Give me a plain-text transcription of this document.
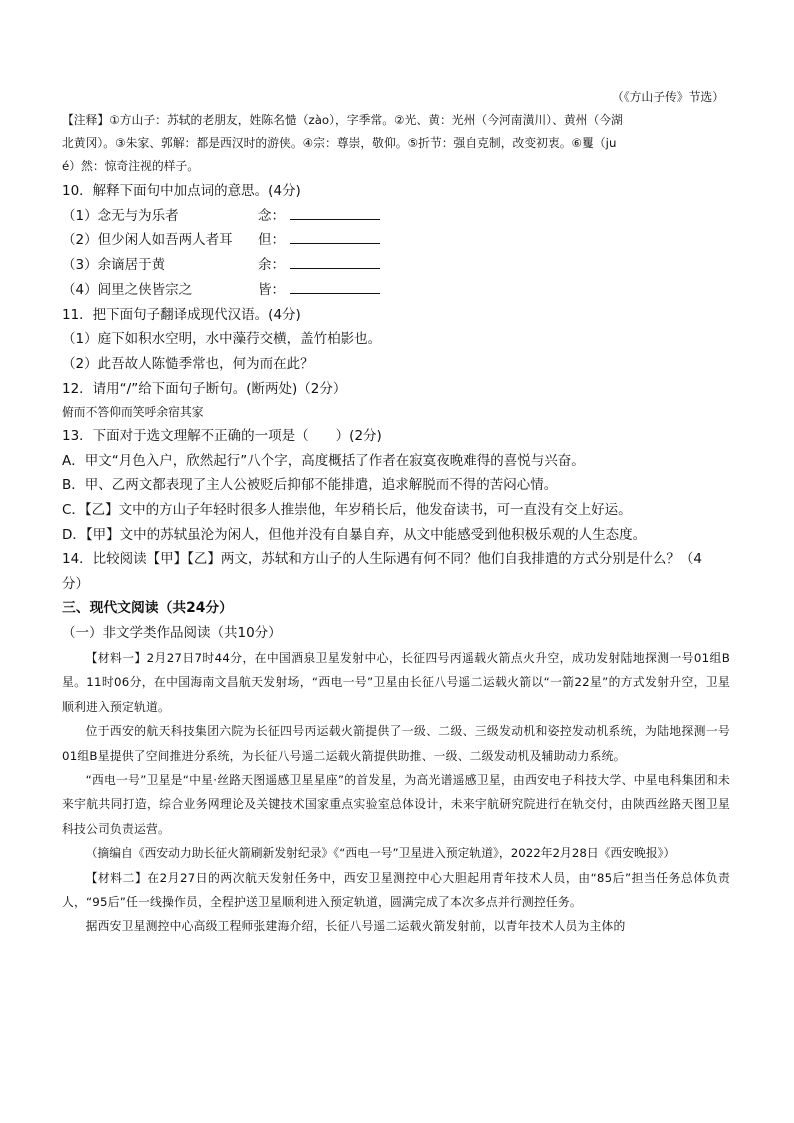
（《方山子传》节选）
【注释】①方山子：苏轼的老朋友，姓陈名慥（zào），字季常。②光、黄：光州（今河南潢川）、黄州（今湖
北黄冈）。③朱家、郭解：都是西汉时的游侠。④宗：尊崇，敬仰。⑤折节：强自克制，改变初衷。⑥矍（ju
é）然：惊奇注视的样子。
10．解释下面句中加点词的意思。(4分)
（1）念无与为乐者	念：
（2）但少闲人如吾两人者耳	但：
（3）余谪居于黄	余：
（4）闾里之侠皆宗之	皆：
11．把下面句子翻译成现代汉语。(4分)
（1）庭下如积水空明，水中藻荇交横，盖竹柏影也。
（2）此吾故人陈慥季常也，何为而在此？
12．请用“/”给下面句子断句。(断两处)（2分）
俯而不答仰而笑呼余宿其家
13．下面对于选文理解不正确的一项是（　　）(2分)
A．甲文“月色入户，欣然起行”八个字，高度概括了作者在寂寞夜晚难得的喜悦与兴奋。
B．甲、乙两文都表现了主人公被贬后抑郁不能排遣，追求解脱而不得的苦闷心情。
C．【乙】文中的方山子年轻时很多人推崇他，年岁稍长后，他发奋读书，可一直没有交上好运。
D．【甲】文中的苏轼虽沦为闲人，但他并没有自暴自弃，从文中能感受到他积极乐观的人生态度。
14．比较阅读【甲】【乙】两文，苏轼和方山子的人生际遇有何不同？他们自我排遣的方式分别是什么？（4
分）
三、现代文阅读（共24分）
（一）非文学类作品阅读（共10分）
【材料一】2月27日7时44分，在中国酒泉卫星发射中心，长征四号丙遥载火箭点火升空，成功发射陆地探测一号01组B星。11时06分，在中国海南文昌航天发射场，“西电一号”卫星由长征八号遥二运载火箭以“一箭22星”的方式发射升空，卫星顺利进入预定轨道。
位于西安的航天科技集团六院为长征四号丙运载火箭提供了一级、二级、三级发动机和姿控发动机系统，为陆地探测一号01组B星提供了空间推进分系统，为长征八号遥二运载火箭提供助推、一级、二级发动机及辅助动力系统。
“西电一号”卫星是“中星·丝路天图遥感卫星星座”的首发星，为高光谱遥感卫星，由西安电子科技大学、中星电科集团和未来宇航共同打造，综合业务网理论及关键技术国家重点实验室总体设计，未来宇航研究院进行在轨交付，由陕西丝路天图卫星科技公司负责运营。
（摘编自《西安动力助长征火箭刷新发射纪录》《“西电一号”卫星进入预定轨道》，2022年2月28日《西安晚报》）
【材料二】在2月27日的两次航天发射任务中，西安卫星测控中心大胆起用青年技术人员，由“85后”担当任务总体负责人，“95后”任一线操作员，全程护送卫星顺利进入预定轨道，圆满完成了本次多点并行测控任务。
据西安卫星测控中心高级工程师张建海介绍，长征八号遥二运载火箭发射前，以青年技术人员为主体的
